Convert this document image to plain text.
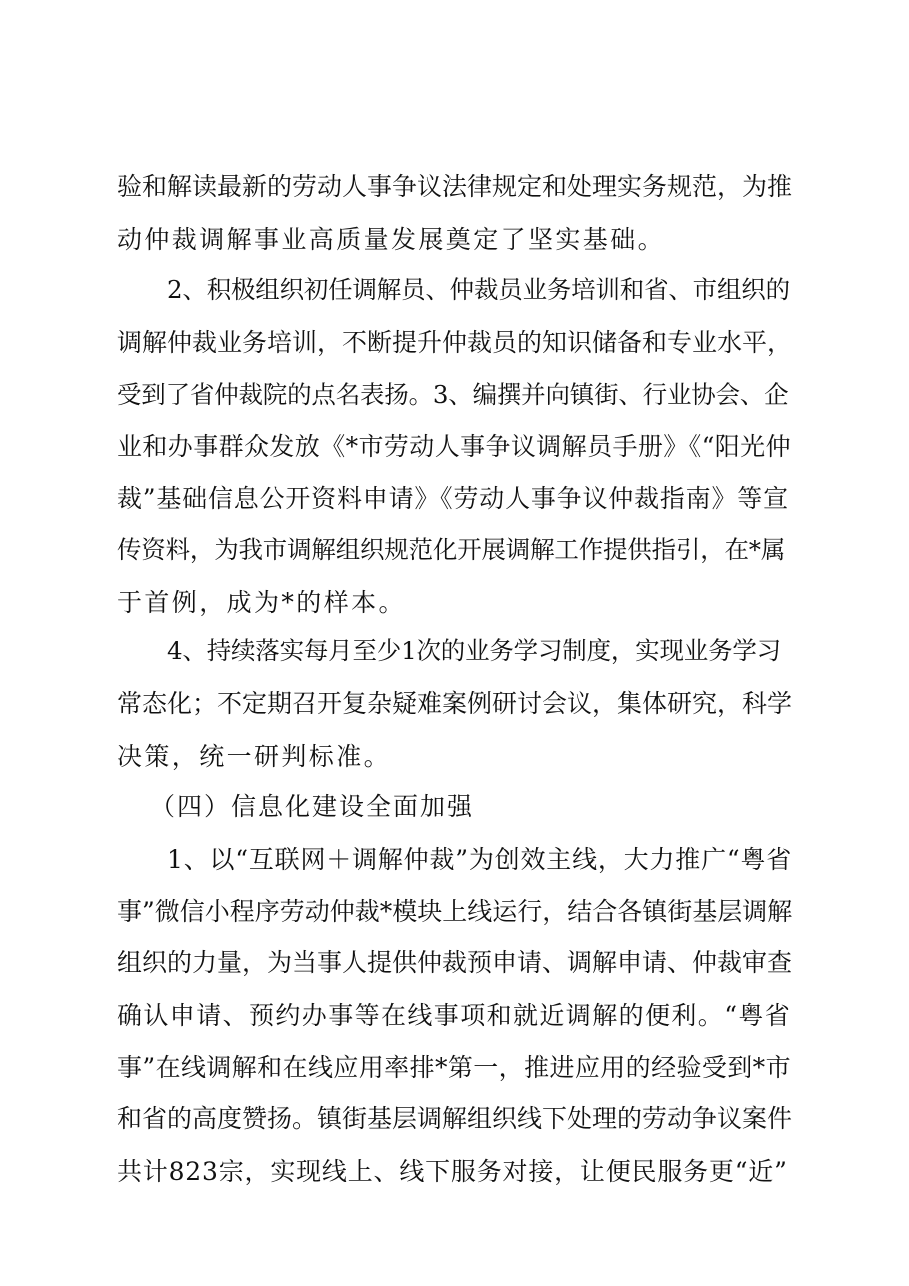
验和解读最新的劳动人事争议法律规定和处理实务规范，为推
动仲裁调解事业高质量发展奠定了坚实基础。
2、积极组织初任调解员、仲裁员业务培训和省、市组织的
调解仲裁业务培训，不断提升仲裁员的知识储备和专业水平，
受到了省仲裁院的点名表扬。3、编撰并向镇街、行业协会、企
业和办事群众发放《*市劳动人事争议调解员手册》《“阳光仲
裁”基础信息公开资料申请》《劳动人事争议仲裁指南》等宣
传资料，为我市调解组织规范化开展调解工作提供指引，在*属
于首例，成为*的样本。
4、持续落实每月至少1次的业务学习制度，实现业务学习
常态化；不定期召开复杂疑难案例研讨会议，集体研究，科学
决策，统一研判标准。
（四）信息化建设全面加强
1、以“互联网＋调解仲裁”为创效主线，大力推广“粤省
事”微信小程序劳动仲裁*模块上线运行，结合各镇街基层调解
组织的力量，为当事人提供仲裁预申请、调解申请、仲裁审查
确认申请、预约办事等在线事项和就近调解的便利。“粤省
事”在线调解和在线应用率排*第一，推进应用的经验受到*市
和省的高度赞扬。镇街基层调解组织线下处理的劳动争议案件
共计823宗，实现线上、线下服务对接，让便民服务更“近”
